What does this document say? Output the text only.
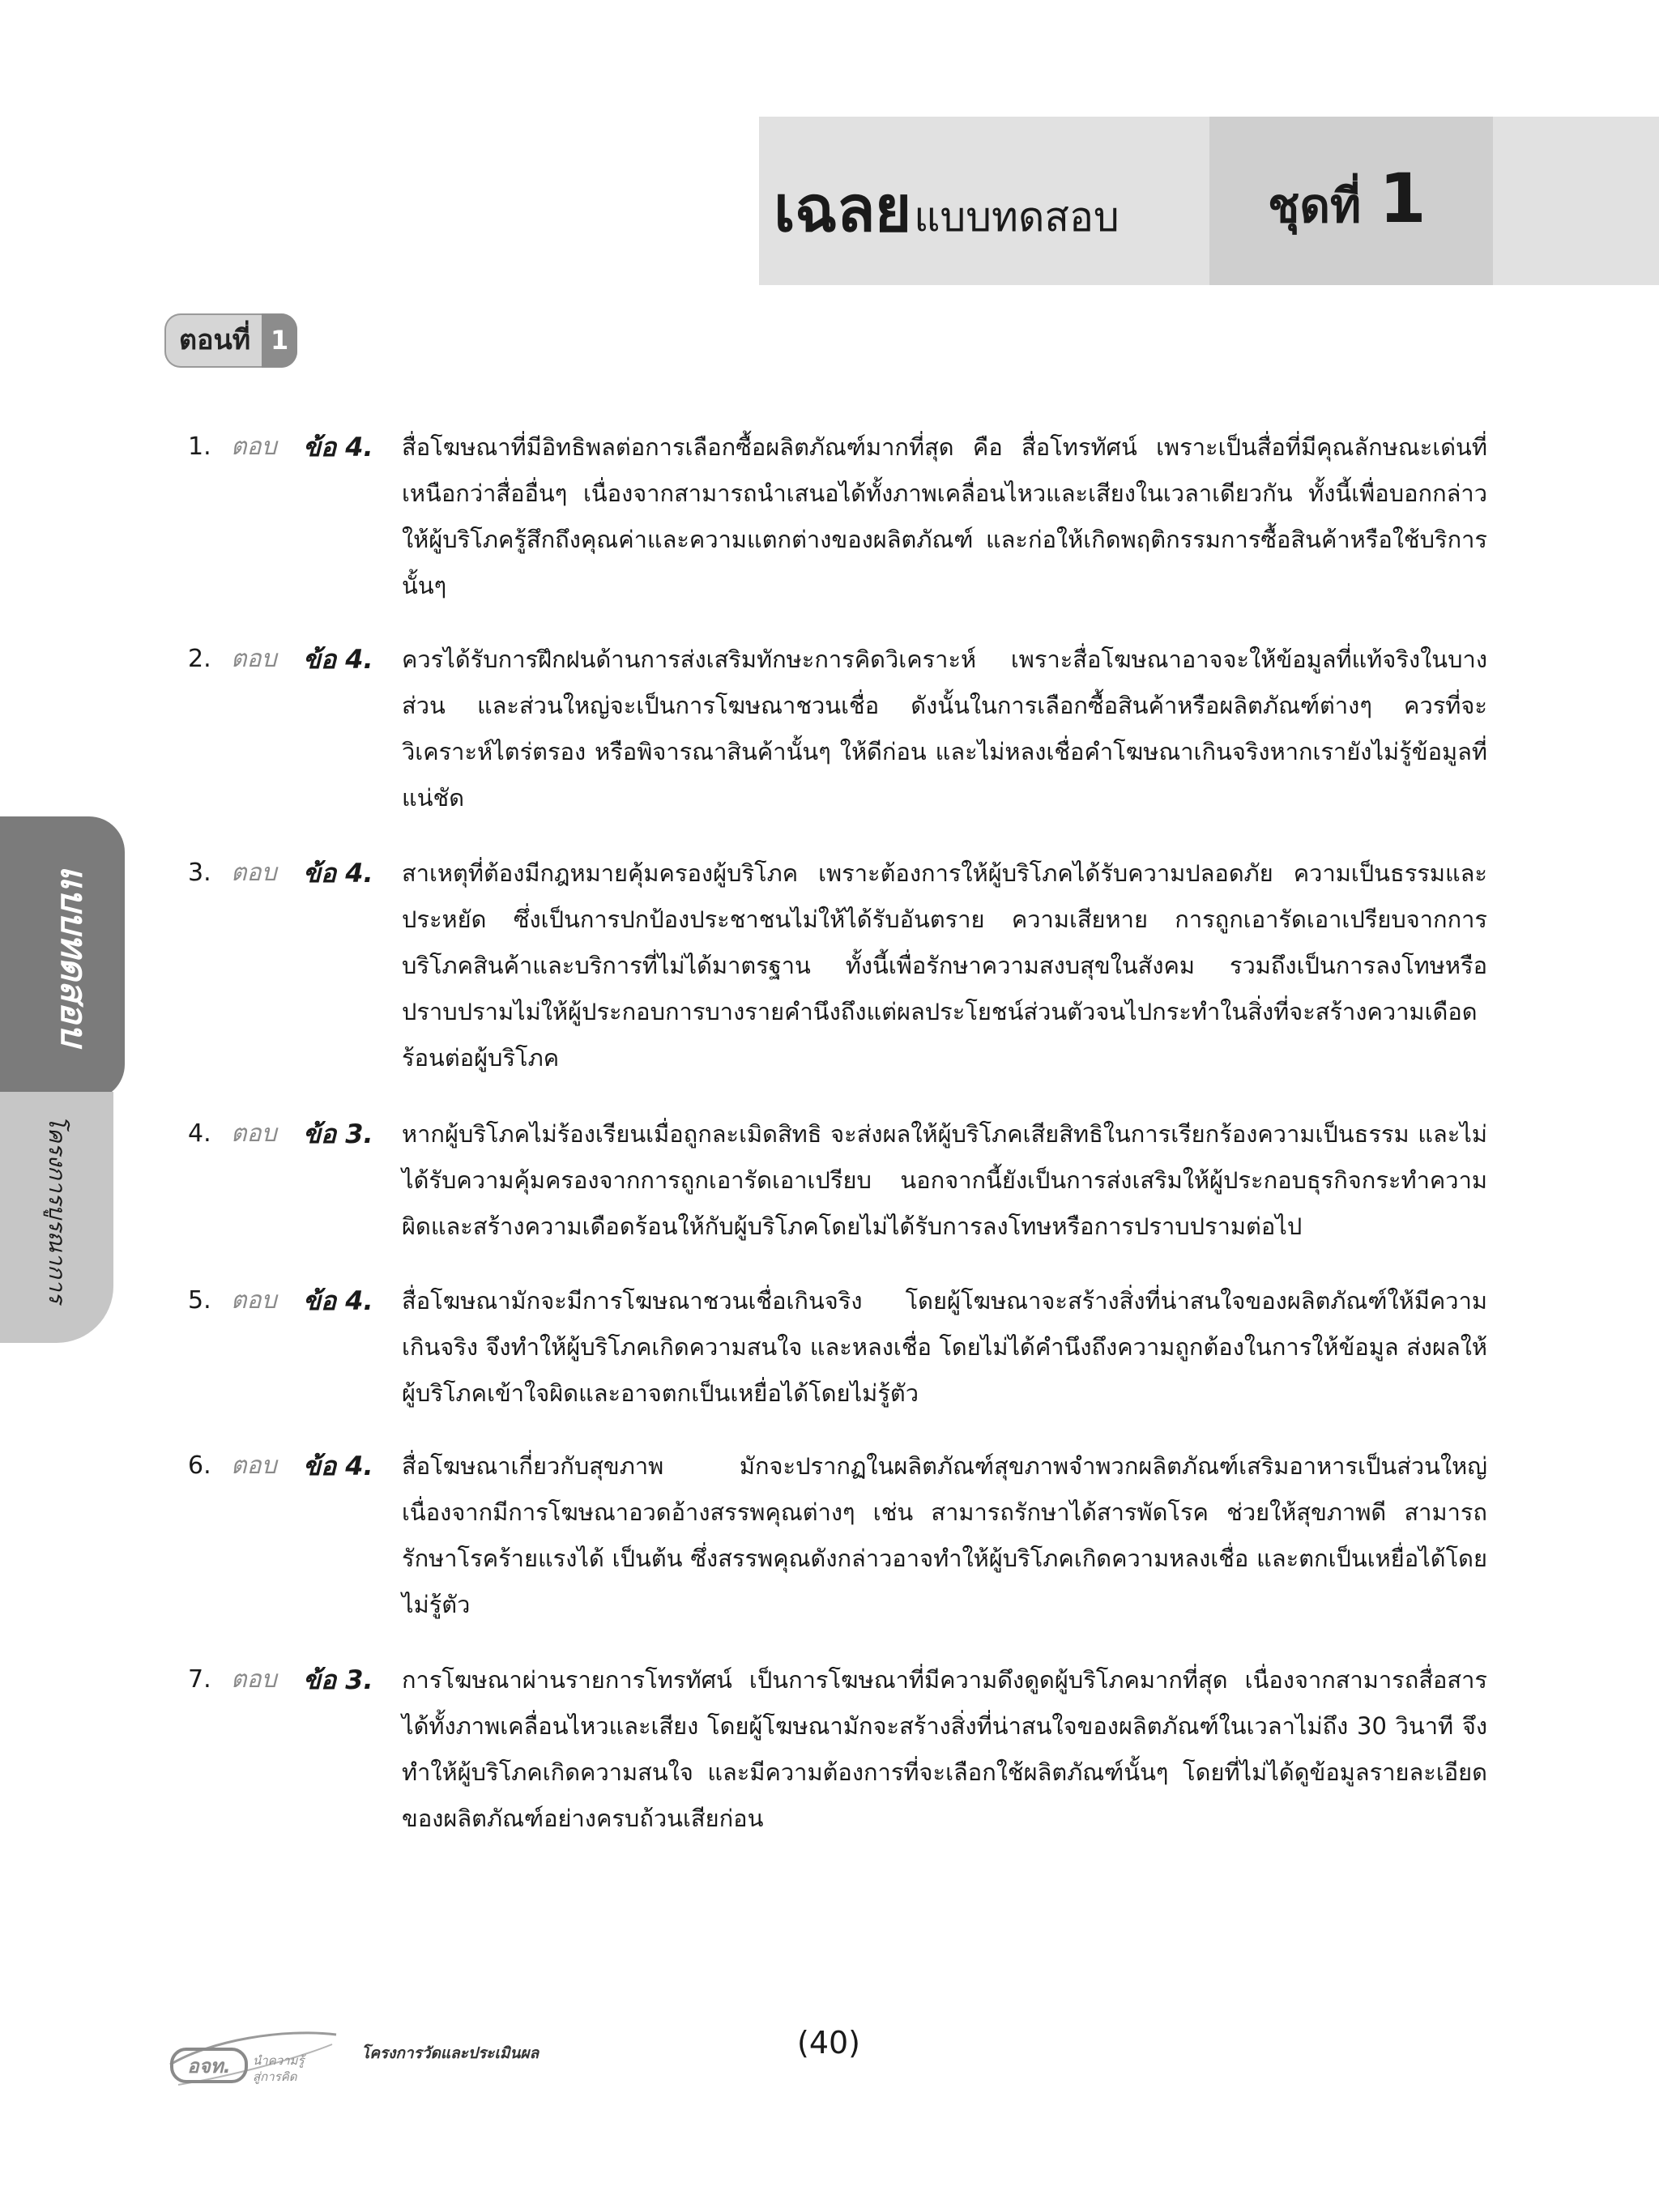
เฉลย แบบทดสอบ	ชุดที่ 1
ตอนที่ 1
แบบทดสอบ
โครงการบูรณาการ
1. ตอบ ข้อ 4. สื่อโฆษณาที่มีอิทธิพลต่อการเลือกซื้อผลิตภัณฑ์มากที่สุด คือ สื่อโทรทัศน์ เพราะเป็นสื่อที่มีคุณลักษณะเด่นที่เหนือกว่าสื่ออื่นๆ เนื่องจากสามารถนำเสนอได้ทั้งภาพเคลื่อนไหวและเสียงในเวลาเดียวกัน ทั้งนี้เพื่อบอกกล่าวให้ผู้บริโภครู้สึกถึงคุณค่าและความแตกต่างของผลิตภัณฑ์ และก่อให้เกิดพฤติกรรมการซื้อสินค้าหรือใช้บริการนั้นๆ

2. ตอบ ข้อ 4. ควรได้รับการฝึกฝนด้านการส่งเสริมทักษะการคิดวิเคราะห์ เพราะสื่อโฆษณาอาจจะให้ข้อมูลที่แท้จริงในบางส่วน และส่วนใหญ่จะเป็นการโฆษณาชวนเชื่อ ดังนั้นในการเลือกซื้อสินค้าหรือผลิตภัณฑ์ต่างๆ ควรที่จะวิเคราะห์ไตร่ตรอง หรือพิจารณาสินค้านั้นๆ ให้ดีก่อน และไม่หลงเชื่อคำโฆษณาเกินจริงหากเรายังไม่รู้ข้อมูลที่แน่ชัด

3. ตอบ ข้อ 4. สาเหตุที่ต้องมีกฎหมายคุ้มครองผู้บริโภค เพราะต้องการให้ผู้บริโภคได้รับความปลอดภัย ความเป็นธรรมและประหยัด ซึ่งเป็นการปกป้องประชาชนไม่ให้ได้รับอันตราย ความเสียหาย การถูกเอารัดเอาเปรียบจากการบริโภคสินค้าและบริการที่ไม่ได้มาตรฐาน ทั้งนี้เพื่อรักษาความสงบสุขในสังคม รวมถึงเป็นการลงโทษหรือปราบปรามไม่ให้ผู้ประกอบการบางรายคำนึงถึงแต่ผลประโยชน์ส่วนตัวจนไปกระทำในสิ่งที่จะสร้างความเดือดร้อนต่อผู้บริโภค

4. ตอบ ข้อ 3. หากผู้บริโภคไม่ร้องเรียนเมื่อถูกละเมิดสิทธิ จะส่งผลให้ผู้บริโภคเสียสิทธิในการเรียกร้องความเป็นธรรม และไม่ได้รับความคุ้มครองจากการถูกเอารัดเอาเปรียบ นอกจากนี้ยังเป็นการส่งเสริมให้ผู้ประกอบธุรกิจกระทำความผิดและสร้างความเดือดร้อนให้กับผู้บริโภคโดยไม่ได้รับการลงโทษหรือการปราบปรามต่อไป

5. ตอบ ข้อ 4. สื่อโฆษณามักจะมีการโฆษณาชวนเชื่อเกินจริง โดยผู้โฆษณาจะสร้างสิ่งที่น่าสนใจของผลิตภัณฑ์ให้มีความเกินจริง จึงทำให้ผู้บริโภคเกิดความสนใจ และหลงเชื่อ โดยไม่ได้คำนึงถึงความถูกต้องในการให้ข้อมูล ส่งผลให้ผู้บริโภคเข้าใจผิดและอาจตกเป็นเหยื่อได้โดยไม่รู้ตัว

6. ตอบ ข้อ 4. สื่อโฆษณาเกี่ยวกับสุขภาพ มักจะปรากฏในผลิตภัณฑ์สุขภาพจำพวกผลิตภัณฑ์เสริมอาหารเป็นส่วนใหญ่ เนื่องจากมีการโฆษณาอวดอ้างสรรพคุณต่างๆ เช่น สามารถรักษาได้สารพัดโรค ช่วยให้สุขภาพดี สามารถรักษาโรคร้ายแรงได้ เป็นต้น ซึ่งสรรพคุณดังกล่าวอาจทำให้ผู้บริโภคเกิดความหลงเชื่อ และตกเป็นเหยื่อได้โดยไม่รู้ตัว

7. ตอบ ข้อ 3. การโฆษณาผ่านรายการโทรทัศน์ เป็นการโฆษณาที่มีความดึงดูดผู้บริโภคมากที่สุด เนื่องจากสามารถสื่อสารได้ทั้งภาพเคลื่อนไหวและเสียง โดยผู้โฆษณามักจะสร้างสิ่งที่น่าสนใจของผลิตภัณฑ์ในเวลาไม่ถึง 30 วินาที จึงทำให้ผู้บริโภคเกิดความสนใจ และมีความต้องการที่จะเลือกใช้ผลิตภัณฑ์นั้นๆ โดยที่ไม่ได้ดูข้อมูลรายละเอียดของผลิตภัณฑ์อย่างครบถ้วนเสียก่อน

อจท. นำความรู้
สู่การคิด
โครงการวัดและประเมินผล	(40)
